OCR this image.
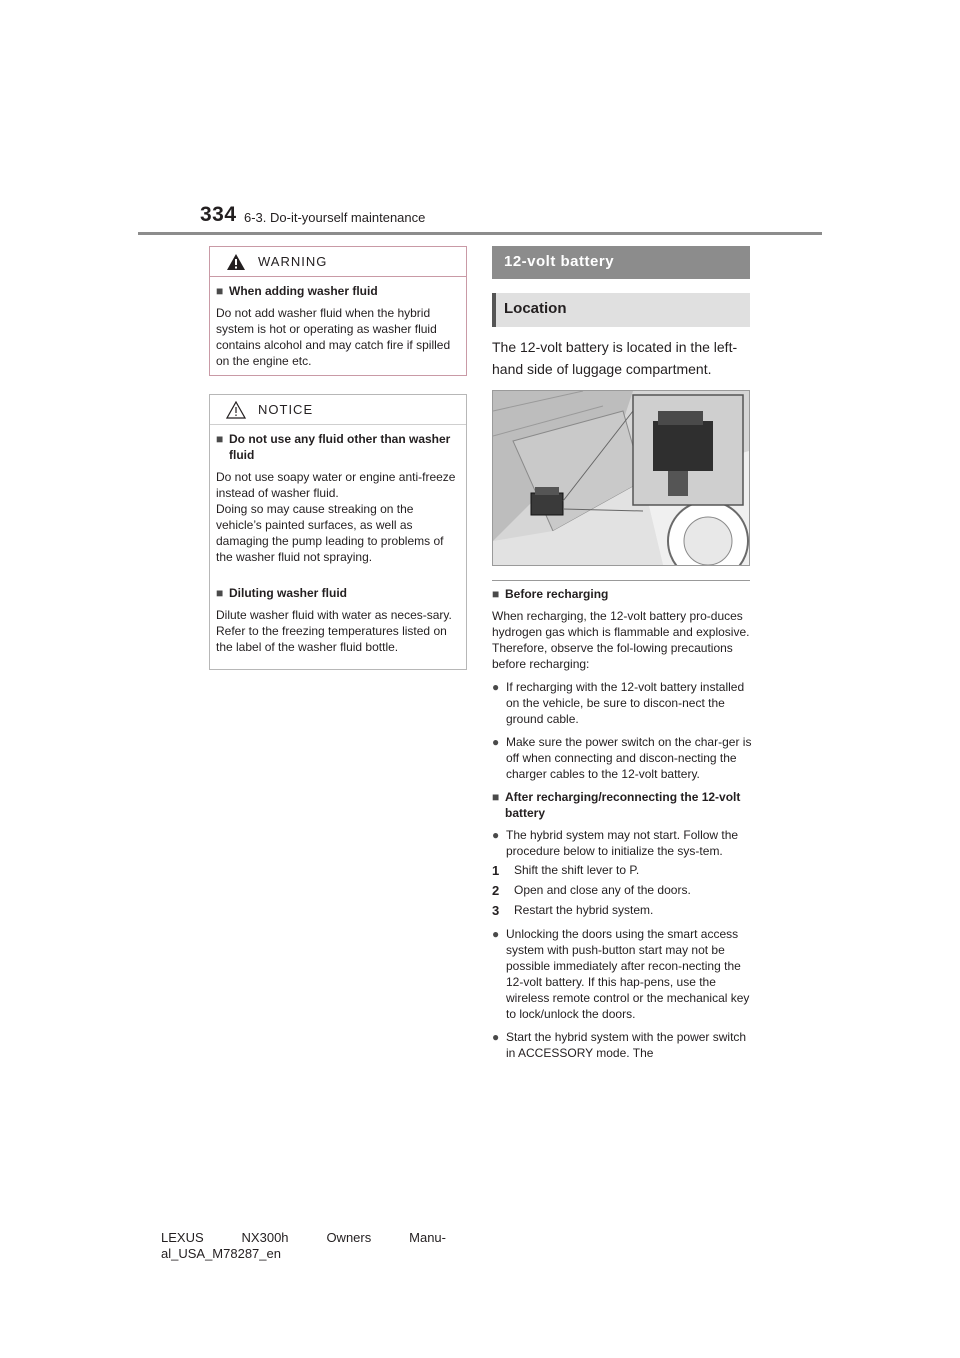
334 6-3. Do-it-yourself maintenance
WARNING
■ When adding washer fluid

Do not add washer fluid when the hybrid system is hot or operating as washer fluid contains alcohol and may catch fire if spilled on the engine etc.

NOTICE
■ Do not use any fluid other than washer fluid

Do not use soapy water or engine anti-freeze instead of washer fluid.

Doing so may cause streaking on the vehicle’s painted surfaces, as well as damaging the pump leading to problems of the washer fluid not spraying.

■ Diluting washer fluid

Dilute washer fluid with water as neces-sary.

Refer to the freezing temperatures listed on the label of the washer fluid bottle.

12-volt battery
Location
The 12-volt battery is located in the left-hand side of luggage compartment.
■ Before recharging

When recharging, the 12-volt battery pro-duces hydrogen gas which is flammable and explosive. Therefore, observe the fol-lowing precautions before recharging:

● If recharging with the 12-volt battery installed on the vehicle, be sure to discon-nect the ground cable.
● Make sure the power switch on the char-ger is off when connecting and discon-necting the charger cables to the 12-volt battery.
■ After recharging/reconnecting the 12-volt battery
● The hybrid system may not start. Follow the procedure below to initialize the sys-tem.
1 Shift the shift lever to P.
2 Open and close any of the doors.
3 Restart the hybrid system.
● Unlocking the doors using the smart access system with push-button start may not be possible immediately after recon-necting the 12-volt battery. If this hap-pens, use the wireless remote control or the mechanical key to lock/unlock the doors.
● Start the hybrid system with the power switch in ACCESSORY mode. The
LEXUS	NX300h	Owners	Manu-
al_USA_M78287_en
